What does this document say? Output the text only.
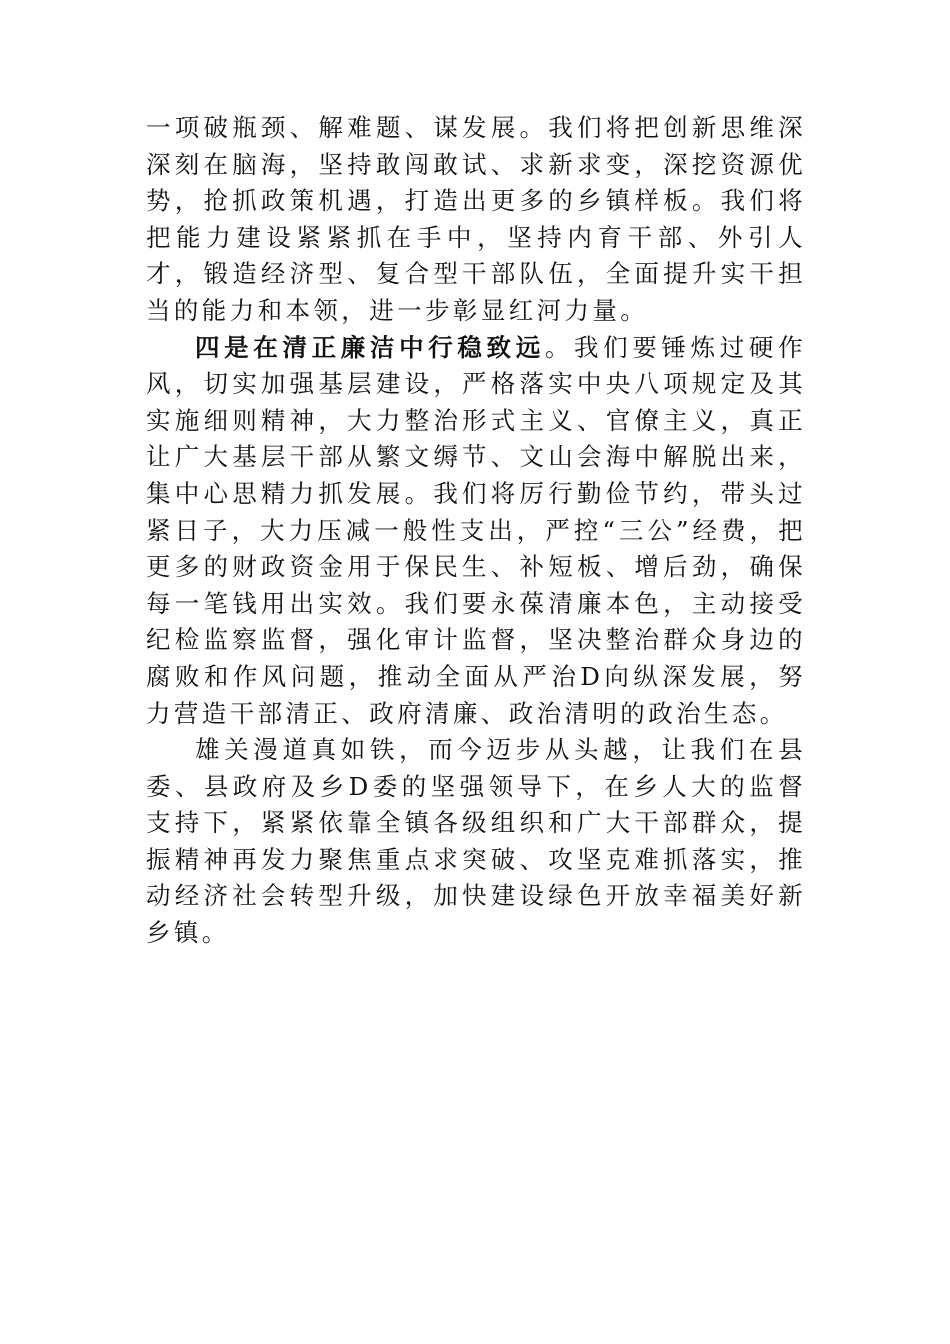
一项破瓶颈、解难题、谋发展。我们将把创新思维深深刻在脑海，坚持敢闯敢试、求新求变，深挖资源优势，抢抓政策机遇，打造出更多的乡镇样板。我们将把能力建设紧紧抓在手中，坚持内育干部、外引人才，锻造经济型、复合型干部队伍，全面提升实干担当的能力和本领，进一步彰显红河力量。

四是在清正廉洁中行稳致远。我们要锤炼过硬作风，切实加强基层建设，严格落实中央八项规定及其实施细则精神，大力整治形式主义、官僚主义，真正让广大基层干部从繁文缛节、文山会海中解脱出来，集中心思精力抓发展。我们将厉行勤俭节约，带头过紧日子，大力压减一般性支出，严控“三公”经费，把更多的财政资金用于保民生、补短板、增后劲，确保每一笔钱用出实效。我们要永葆清廉本色，主动接受纪检监察监督，强化审计监督，坚决整治群众身边的腐败和作风问题，推动全面从严治D向纵深发展，努力营造干部清正、政府清廉、政治清明的政治生态。

雄关漫道真如铁，而今迈步从头越，让我们在县委、县政府及乡D委的坚强领导下，在乡人大的监督支持下，紧紧依靠全镇各级组织和广大干部群众，提振精神再发力聚焦重点求突破、攻坚克难抓落实，推动经济社会转型升级，加快建设绿色开放幸福美好新乡镇。
